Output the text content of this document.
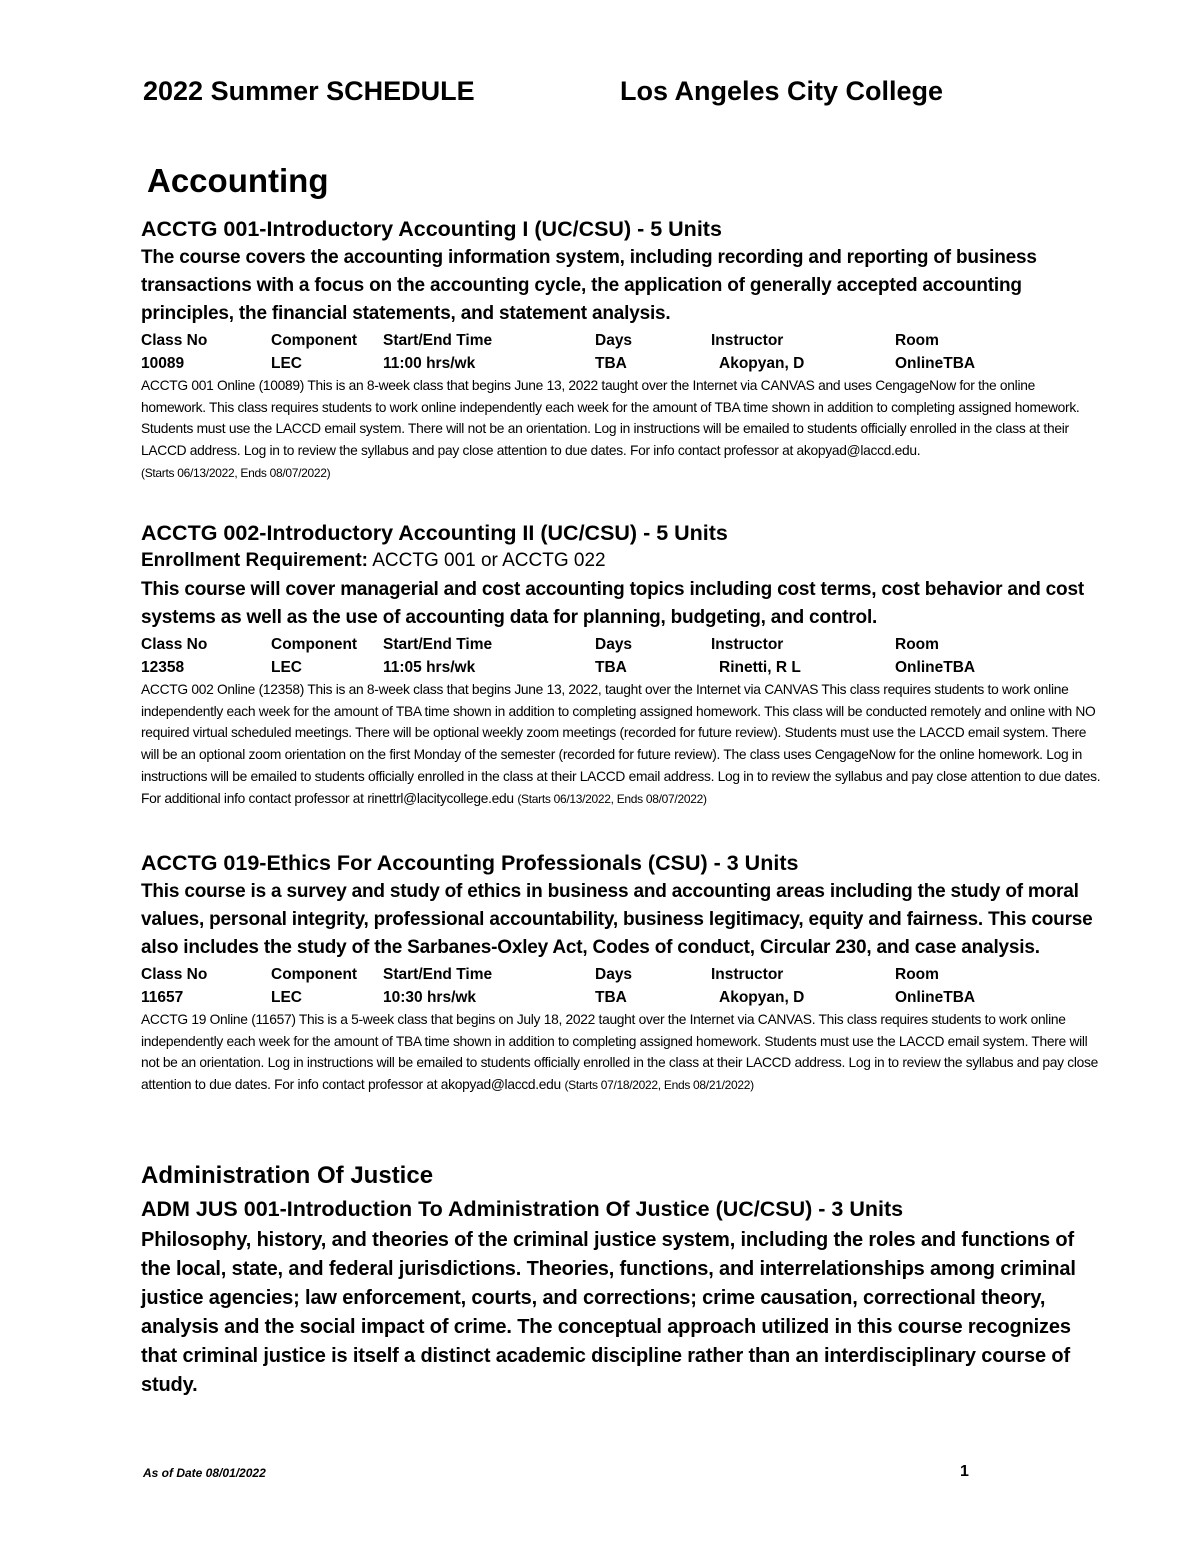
2022 Summer SCHEDULE	Los Angeles City College
Accounting
ACCTG 001-Introductory Accounting I (UC/CSU) - 5 Units
The course covers the accounting information system, including recording and reporting of business transactions with a focus on the accounting cycle, the application of generally accepted accounting principles, the financial statements, and statement analysis.
Class No	Component	Start/End Time	Days	Instructor	Room
10089	LEC	11:00 hrs/wk	TBA	Akopyan, D	OnlineTBA
ACCTG 001 Online (10089) This is an 8-week class that begins June 13, 2022 taught over the Internet via CANVAS and uses CengageNow for the online homework. This class requires students to work online independently each week for the amount of TBA time shown in addition to completing assigned homework. Students must use the LACCD email system. There will not be an orientation. Log in instructions will be emailed to students officially enrolled in the class at their LACCD address. Log in to review the syllabus and pay close attention to due dates. For info contact professor at akopyad@laccd.edu.
(Starts 06/13/2022, Ends 08/07/2022)
ACCTG 002-Introductory Accounting II (UC/CSU) - 5 Units
Enrollment Requirement: ACCTG 001 or ACCTG 022
This course will cover managerial and cost accounting topics including cost terms, cost behavior and cost systems as well as the use of accounting data for planning, budgeting, and control.
Class No	Component	Start/End Time	Days	Instructor	Room
12358	LEC	11:05 hrs/wk	TBA	Rinetti, R L	OnlineTBA
ACCTG 002 Online (12358) This is an 8-week class that begins June 13, 2022, taught over the Internet via CANVAS This class requires students to work online independently each week for the amount of TBA time shown in addition to completing assigned homework. This class will be conducted remotely and online with NO required virtual scheduled meetings. There will be optional weekly zoom meetings (recorded for future review). Students must use the LACCD email system. There will be an optional zoom orientation on the first Monday of the semester (recorded for future review). The class uses CengageNow for the online homework. Log in instructions will be emailed to students officially enrolled in the class at their LACCD email address. Log in to review the syllabus and pay close attention to due dates. For additional info contact professor at rinettrl@lacitycollege.edu (Starts 06/13/2022, Ends 08/07/2022)
ACCTG 019-Ethics For Accounting Professionals (CSU) - 3 Units
This course is a survey and study of ethics in business and accounting areas including the study of moral values, personal integrity, professional accountability, business legitimacy, equity and fairness. This course also includes the study of the Sarbanes-Oxley Act, Codes of conduct, Circular 230, and case analysis.
Class No	Component	Start/End Time	Days	Instructor	Room
11657	LEC	10:30 hrs/wk	TBA	Akopyan, D	OnlineTBA
ACCTG 19 Online (11657) This is a 5-week class that begins on July 18, 2022 taught over the Internet via CANVAS. This class requires students to work online independently each week for the amount of TBA time shown in addition to completing assigned homework. Students must use the LACCD email system. There will not be an orientation. Log in instructions will be emailed to students officially enrolled in the class at their LACCD address. Log in to review the syllabus and pay close attention to due dates. For info contact professor at akopyad@laccd.edu (Starts 07/18/2022, Ends 08/21/2022)
Administration Of Justice
ADM JUS 001-Introduction To Administration Of Justice (UC/CSU) - 3 Units
Philosophy, history, and theories of the criminal justice system, including the roles and functions of the local, state, and federal jurisdictions. Theories, functions, and interrelationships among criminal justice agencies; law enforcement, courts, and corrections; crime causation, correctional theory, analysis and the social impact of crime. The conceptual approach utilized in this course recognizes that criminal justice is itself a distinct academic discipline rather than an interdisciplinary course of study.
As of Date 08/01/2022	1
